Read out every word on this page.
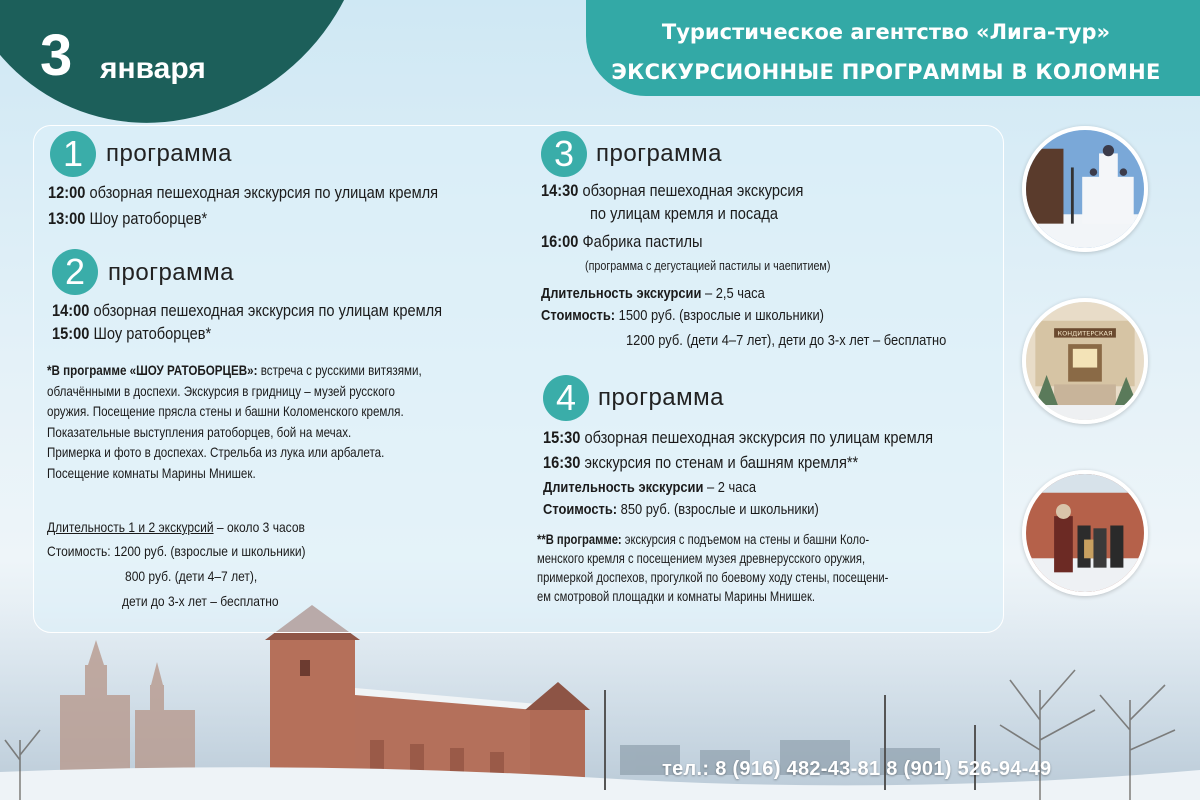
3 января
Туристическое агентство «Лига-тур»
ЭКСКУРСИОННЫЕ ПРОГРАММЫ В КОЛОМНЕ
тел.: 8 (916) 482-43-81 8 (901) 526-94-49
1 программа
12:00 обзорная пешеходная экскурсия по улицам кремля
13:00 Шоу ратоборцев*
2 программа
14:00 обзорная пешеходная экскурсия по улицам кремля
15:00 Шоу ратоборцев*
*В программе «ШОУ РАТОБОРЦЕВ»: встреча с русскими витязями,
облачёнными в доспехи. Экскурсия в гридницу – музей русского
оружия. Посещение прясла стены и башни Коломенского кремля.
Показательные выступления ратоборцев, бой на мечах.
Примерка и фото в доспехах. Стрельба из лука или арбалета.
Посещение комнаты Марины Мнишек.
Длительность 1 и 2 экскурсий – около 3 часов
Стоимость: 1200 руб. (взрослые и школьники)
800 руб. (дети 4–7 лет),
дети до 3-х лет – бесплатно
3 программа
14:30 обзорная пешеходная экскурсия
по улицам кремля и посада
16:00 Фабрика пастилы
(программа с дегустацией пастилы и чаепитием)
Длительность экскурсии – 2,5 часа
Стоимость: 1500 руб. (взрослые и школьники)
1200 руб. (дети 4–7 лет), дети до 3-х лет – бесплатно
4 программа
15:30 обзорная пешеходная экскурсия по улицам кремля
16:30 экскурсия по стенам и башням кремля**
Длительность экскурсии – 2 часа
Стоимость: 850 руб. (взрослые и школьники)
**В программе: экскурсия с подъемом на стены и башни Коло-
менского кремля с посещением музея древнерусского оружия,
примеркой доспехов, прогулкой по боевому ходу стены, посещени-
ем смотровой площадки и комнаты Марины Мнишек.
КОНДИТЕРСКАЯ
